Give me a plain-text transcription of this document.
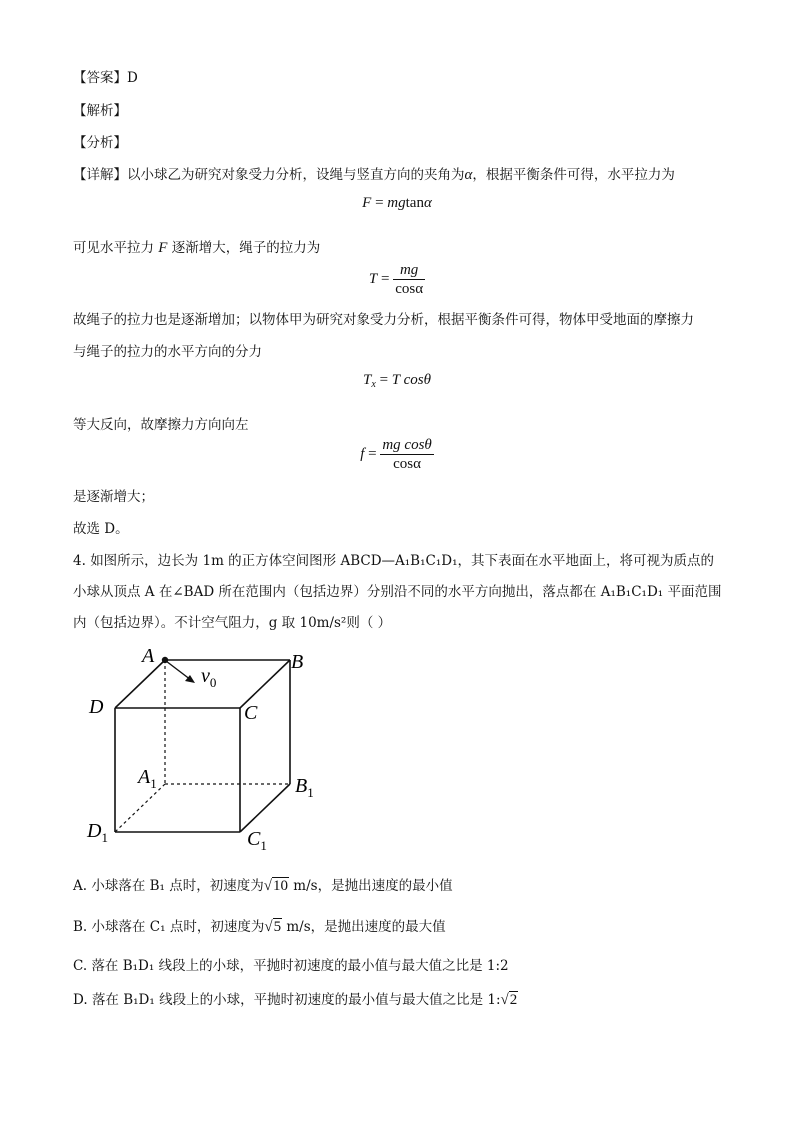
【答案】D
【解析】
【分析】
【详解】以小球乙为研究对象受力分析，设绳与竖直方向的夹角为α，根据平衡条件可得，水平拉力为
F = mgtanα
可见水平拉力 F 逐渐增大，绳子的拉力为
$T = \frac{mg}{\cos\alpha}$
故绳子的拉力也是逐渐增加；以物体甲为研究对象受力分析，根据平衡条件可得，物体甲受地面的摩擦力
与绳子的拉力的水平方向的分力
$T_x = T$ cosθ
等大反向，故摩擦力方向向左
$f = \frac{\text{mg cosθ}}{\cos\alpha}$
是逐渐增大；
故选 D。
4. 如图所示，边长为 1m 的正方体空间图形 ABCD—A₁B₁C₁D₁，其下表面在水平地面上，将可视为质点的
小球从顶点 A 在∠BAD 所在范围内（包括边界）分别沿不同的水平方向抛出，落点都在 A₁B₁C₁D₁ 平面范围
内（包括边界）。不计空气阻力，g 取 10m/s²则（ ）
A	B
C
D
$A_1$	$B_1$
$C_1$
$D_1$
$v_0$
A. 小球落在 B₁ 点时，初速度为√10 m/s，是抛出速度的最小值
B. 小球落在 C₁ 点时，初速度为√5 m/s，是抛出速度的最大值
C. 落在 B₁D₁ 线段上的小球，平抛时初速度的最小值与最大值之比是 1:2
D. 落在 B₁D₁ 线段上的小球，平抛时初速度的最小值与最大值之比是 1:√2
